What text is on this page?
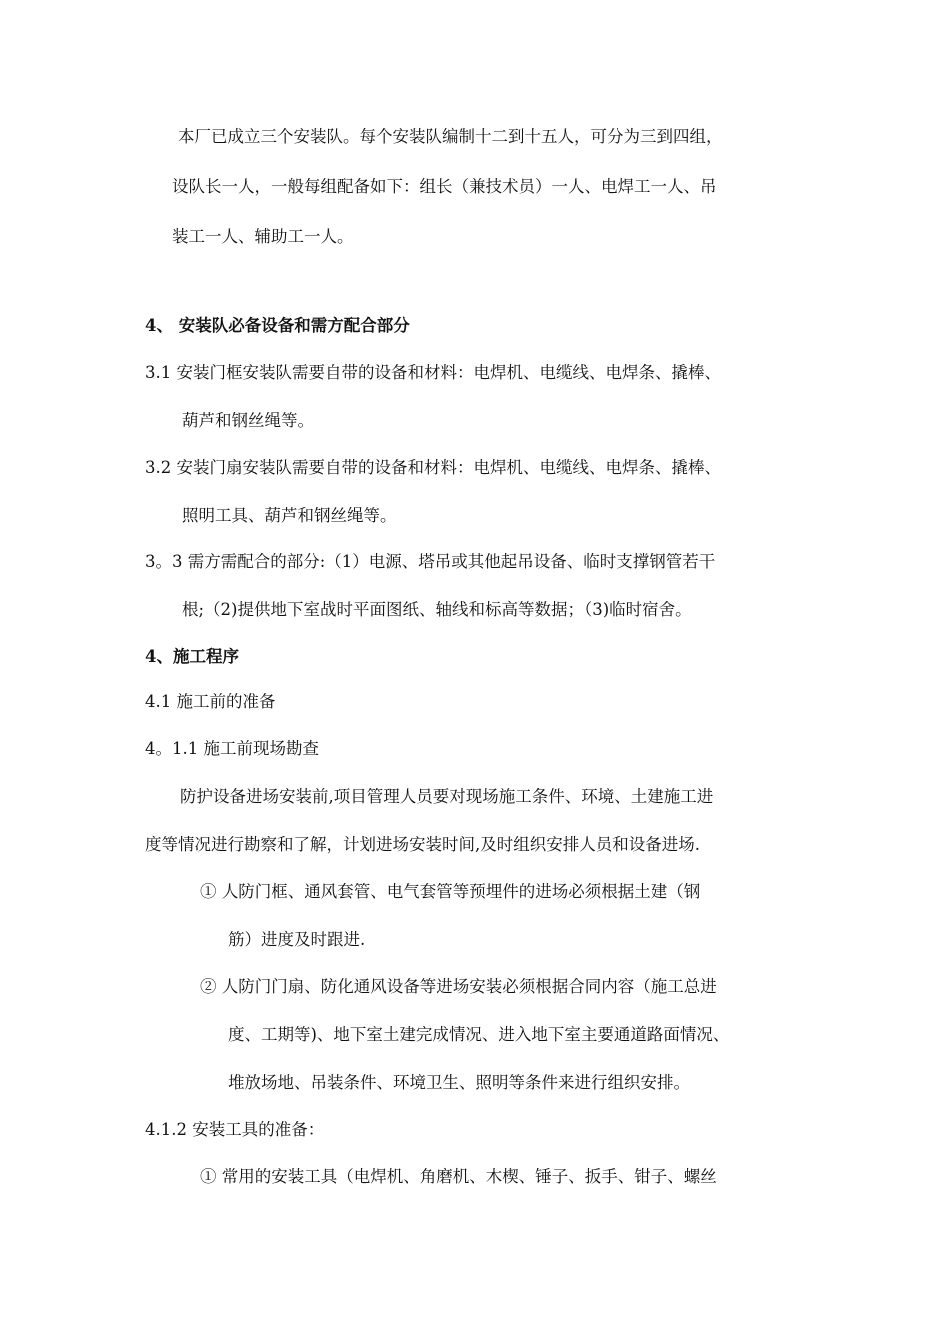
本厂已成立三个安装队。每个安装队编制十二到十五人，可分为三到四组，

设队长一人，一般每组配备如下：组长（兼技术员）一人、电焊工一人、吊

装工一人、辅助工一人。

4、 安装队必备设备和需方配合部分

3.1 安装门框安装队需要自带的设备和材料：电焊机、电缆线、电焊条、撬棒、

葫芦和钢丝绳等。

3.2 安装门扇安装队需要自带的设备和材料：电焊机、电缆线、电焊条、撬棒、

照明工具、葫芦和钢丝绳等。

3。3 需方需配合的部分:（1）电源、塔吊或其他起吊设备、临时支撑钢管若干

根;（2)提供地下室战时平面图纸、轴线和标高等数据；（3)临时宿舍。

4、施工程序

4.1 施工前的准备

4。1.1 施工前现场勘查

防护设备进场安装前,项目管理人员要对现场施工条件、环境、土建施工进

度等情况进行勘察和了解，计划进场安装时间,及时组织安排人员和设备进场.

① 人防门框、通风套管、电气套管等预埋件的进场必须根据土建（钢

筋）进度及时跟进.

② 人防门门扇、防化通风设备等进场安装必须根据合同内容（施工总进

度、工期等)、地下室土建完成情况、进入地下室主要通道路面情况、

堆放场地、吊装条件、环境卫生、照明等条件来进行组织安排。

4.1.2 安装工具的准备：

① 常用的安装工具（电焊机、角磨机、木楔、锤子、扳手、钳子、螺丝
